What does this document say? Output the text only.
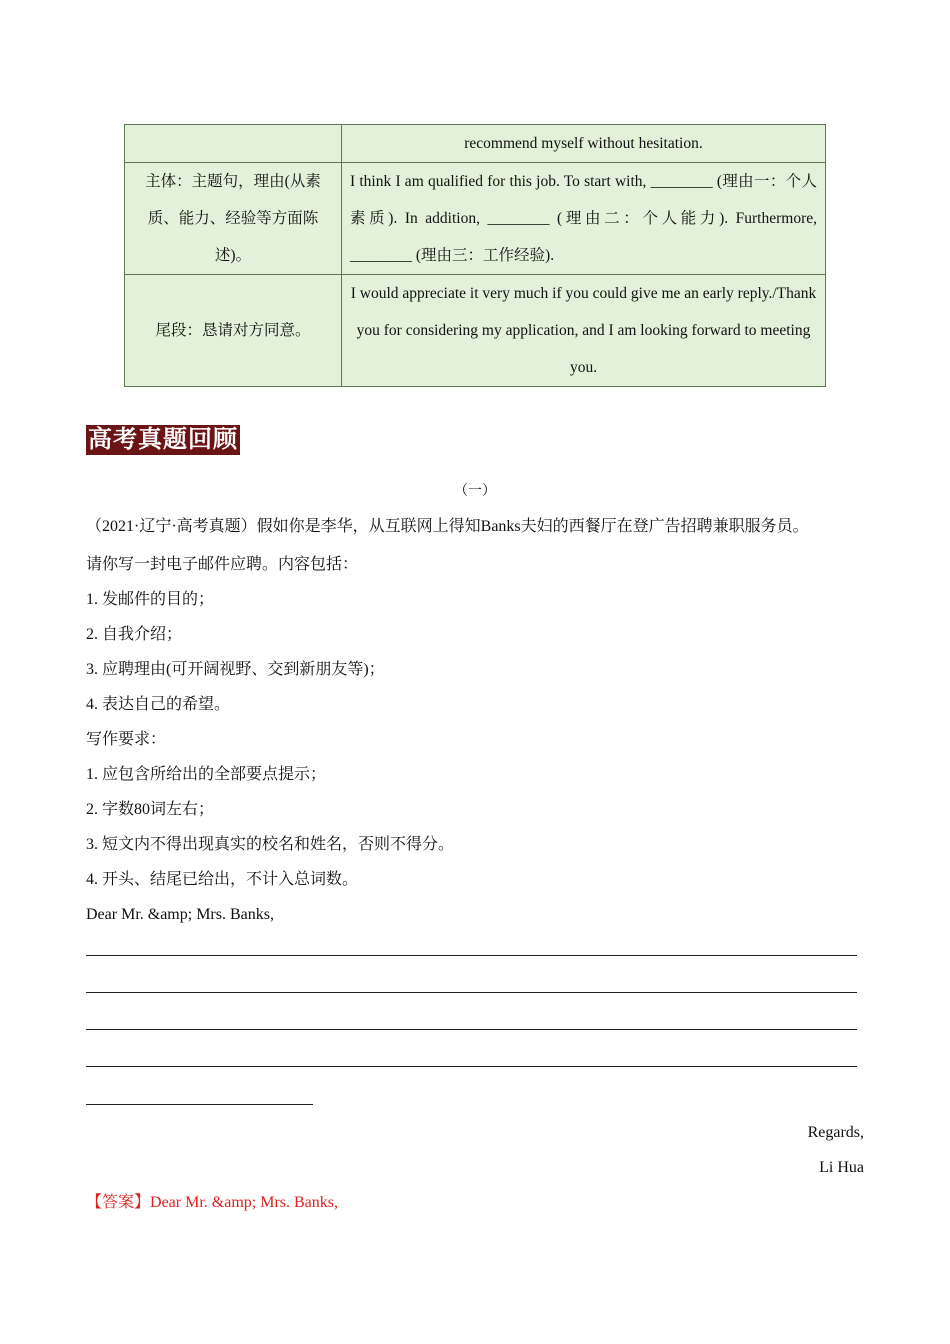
	recommend myself without hesitation.
主体：主题句，理由(从素质、能力、经验等方面陈述)。	I think I am qualified for this job. To start with, ________ (理由一：个人素质). In addition, ________ (理由二：个人能力). Furthermore, ________ (理由三：工作经验).
尾段：恳请对方同意。	I would appreciate it very much if you could give me an early reply./Thank you for considering my application, and I am looking forward to meeting you.
高考真题回顾
（一）
（2021·辽宁·高考真题）假如你是李华，从互联网上得知Banks夫妇的西餐厅在登广告招聘兼职服务员。
请你写一封电子邮件应聘。内容包括：
1. 发邮件的目的；
2. 自我介绍；
3. 应聘理由(可开阔视野、交到新朋友等)；
4. 表达自己的希望。
写作要求：
1. 应包含所给出的全部要点提示；
2. 字数80词左右；
3. 短文内不得出现真实的校名和姓名，否则不得分。
4. 开头、结尾已给出，不计入总词数。
Dear Mr. &amp; Mrs. Banks,
Regards,
Li Hua
【答案】Dear Mr. &amp; Mrs. Banks,
